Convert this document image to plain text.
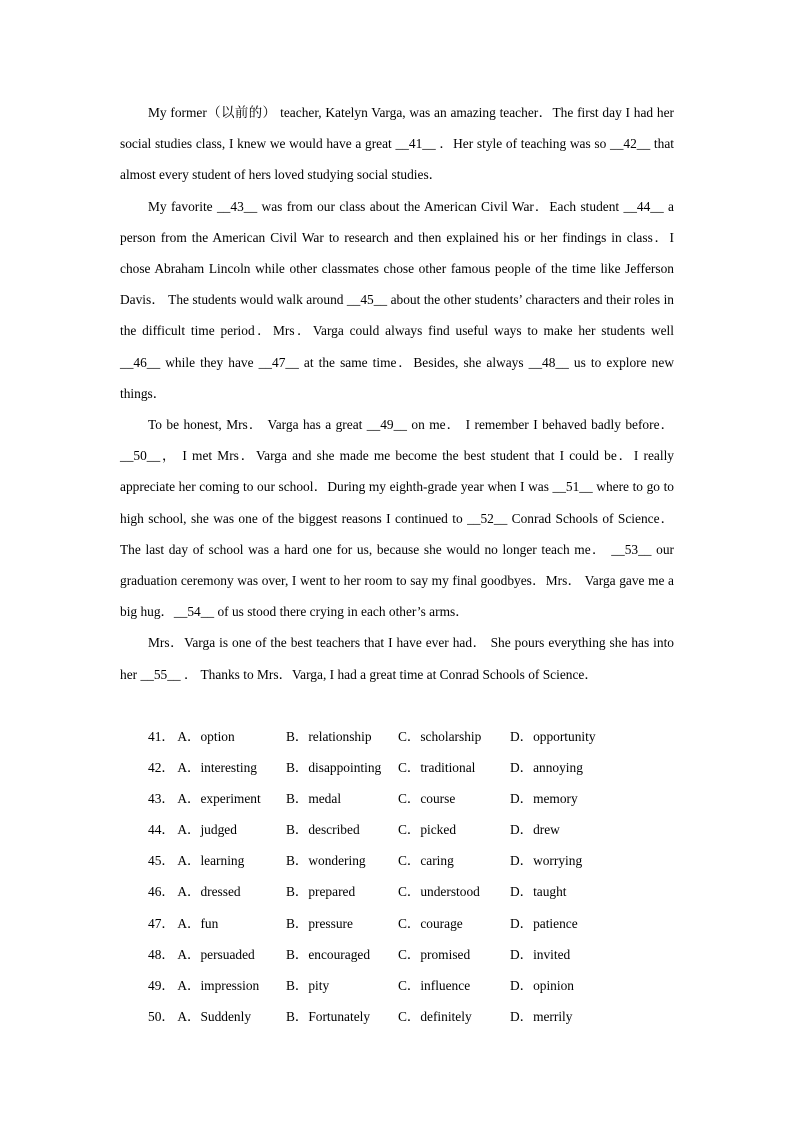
My former（以前的） teacher, Katelyn Varga, was an amazing teacher．The first day I had her social studies class, I knew we would have a great __41__ ．Her style of teaching was so __42__ that almost every student of hers loved studying social studies．

My favorite __43__ was from our class about the American Civil War．Each student __44__ a person from the American Civil War to research and then explained his or her findings in class．I chose Abraham Lincoln while other classmates chose other famous people of the time like Jefferson Davis． The students would walk around __45__ about the other students’ characters and their roles in the difficult time period．Mrs．Varga could always find useful ways to make her students well __46__ while they have __47__ at the same time．Besides, she always __48__ us to explore new things．

To be honest, Mrs． Varga has a great __49__ on me． I remember I behaved badly before．__50__， I met Mrs．Varga and she made me become the best student that I could be．I really appreciate her coming to our school．During my eighth-grade year when I was __51__ where to go to high school, she was one of the biggest reasons I continued to __52__ Conrad Schools of Science．The last day of school was a hard one for us, because she would no longer teach me． __53__ our graduation ceremony was over, I went to her room to say my final goodbyes．Mrs． Varga gave me a big hug．__54__ of us stood there crying in each other’s arms．

Mrs．Varga is one of the best teachers that I have ever had． She pours everything she has into her __55__ ． Thanks to Mrs．Varga, I had a great time at Conrad Schools of Science．

41 ． A．option	B．relationship	C．scholarship	D．opportunity
42 ． A．interesting	B．disappointing	C．traditional	D．annoying
43 ． A．experiment	B．medal	C．course	D．memory
44 ． A．judged	B．described	C．picked	D．drew
45 ． A．learning	B．wondering	C．caring	D．worrying
46 ． A．dressed	B．prepared	C．understood	D．taught
47 ． A．fun	B．pressure	C．courage	D．patience
48 ． A．persuaded	B．encouraged	C．promised	D．invited
49 ． A．impression	B．pity	C．influence	D．opinion
50 ． A．Suddenly	B．Fortunately	C．definitely	D．merrily
